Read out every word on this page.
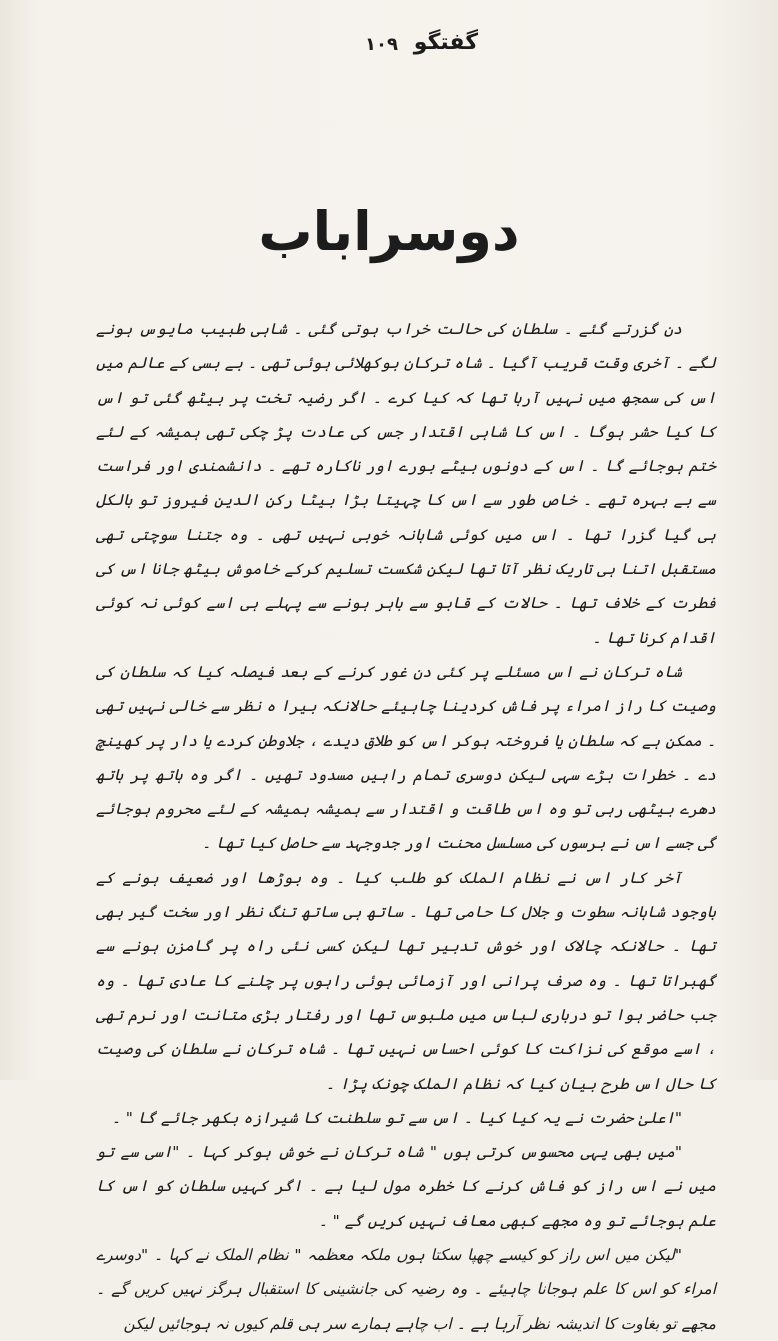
گفتگو
۱۰۹
دوسراباب

دن گزرتے گئے ۔ سلطان کی حالت خراب ہوتی گئی ۔ شاہی طبیب مایوس ہونے لگے ۔ آخری وقت قریب آگیا ۔ شاہ ترکان بوکھلائی ہوئی تھی ۔ بے بسی کے عالم میں اس کی سمجھ میں نہیں آرہا تھا کہ کیا کرے ۔ اگر رضیہ تخت پر بیٹھ گئی تو اس کا کیا حشر ہوگا ۔ اس کا شاہی اقتدار جس کی عادت پڑ چکی تھی ہمیشہ کے لئے ختم ہوجائے گا ۔ اس کے دونوں بیٹے بورے اور ناکارہ تھے ۔ دانشمندی اور فراست سے بے بہرہ تھے ۔ خاص طور سے اس کا چہیتا بڑا بیٹا رکن الدین فیروز تو بالکل ہی گیا گزرا تھا ۔ اس میں کوئی شاہانہ خوبی نہیں تھی ۔ وہ جتنا سوچتی تھی مستقبل اتنا ہی تاریک نظر آتا تھا لیکن شکست تسلیم کرکے خاموش بیٹھ جانا اس کی فطرت کے خلاف تھا ۔ حالات کے قابو سے باہر ہونے سے پہلے ہی اسے کوئی نہ کوئی اقدام کرنا تھا ۔

شاہ ترکان نے اس مسئلے پر کئی دن غور کرنے کے بعد فیصلہ کیا کہ سلطان کی وصیت کا راز امراء پر فاش کردینا چاہیئے حالانکہ بیرا ہ نظر سے خالی نہیں تھی ۔ ممکن ہے کہ سلطان یا فروختہ ہوکر اس کو طلاق دیدے ، جلاوطن کردے یا دار پر کھینچ دے ۔ خطرات بڑے سہی لیکن دوسری تمام راہیں مسدود تھیں ۔ اگر وہ ہاتھ پر ہاتھ دھرے بیٹھی رہی تو وہ اس طاقت و اقتدار سے ہمیشہ ہمیشہ کے لئے محروم ہوجائے گی جسے اس نے برسوں کی مسلسل محنت اور جدوجہد سے حاصل کیا تھا ۔

آخر کار اس نے نظام الملک کو طلب کیا ۔ وہ بوڑھا اور ضعیف ہونے کے باوجود شاہانہ سطوت و جلال کا حامی تھا ۔ ساتھ ہی ساتھ تنگ نظر اور سخت گیر بھی تھا ۔ حالانکہ چالاک اور خوش تدبیر تھا لیکن کسی نئی راہ پر گامزن ہونے سے گھبراتا تھا ۔ وہ صرف پرانی اور آزمائی ہوئی راہوں پر چلنے کا عادی تھا ۔ وہ جب حاضر ہوا تو درباری لباس میں ملبوس تھا اور رفتار بڑی متانت اور نرم تھی ، اسے موقع کی نزاکت کا کوئی احساس نہیں تھا ۔ شاہ ترکان نے سلطان کی وصیت کا حال اس طرح بیان کیا کہ نظام الملک چونک پڑا ۔

"اعلیٰ حضرت نے یہ کیا کیا ۔ اس سے تو سلطنت کا شیرازہ بکھر جائے گا " ۔

"میں بھی یہی محسوس کرتی ہوں " شاہ ترکان نے خوش ہوکر کہا ۔ "اسی سے تو میں نے اس راز کو فاش کرنے کا خطرہ مول لیا ہے ۔ اگر کہیں سلطان کو اس کا علم ہوجائے تو وہ مجھے کبھی معاف نہیں کریں گے " ۔

"لیکن میں اس راز کو کیسے چھپا سکتا ہوں ملکہ معظمہ " نظام الملک نے کہا ۔ "دوسرے امراء کو اس کا علم ہوجانا چاہیئے ۔ وہ رضیہ کی جانشینی کا استقبال ہرگز نہیں کریں گے ۔ مجھے تو بغاوت کا اندیشہ نظر آرہا ہے ۔ اب چاہے ہمارے سر ہی قلم کیوں نہ ہوجائیں لیکن
